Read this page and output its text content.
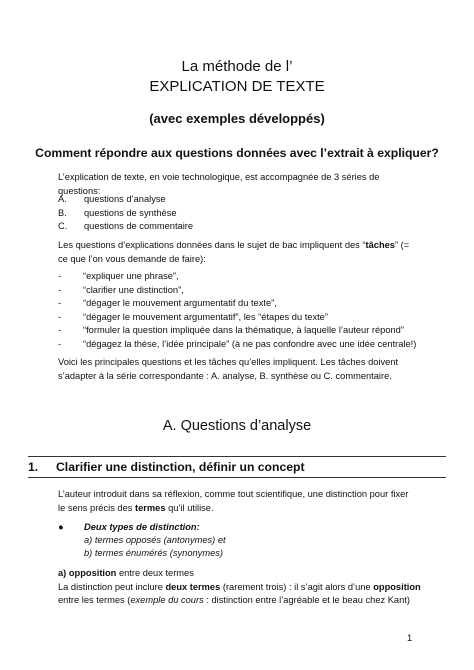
La méthode de l’
EXPLICATION DE TEXTE
(avec exemples développés)
Comment répondre aux questions données avec l’extrait à expliquer?
L’explication de texte, en voie technologique, est accompagnée de 3 séries de questions:
A.	questions d’analyse
B.	questions de synthèse
C.	questions de commentaire
Les questions d’explications données dans le sujet de bac impliquent des “tâches” (= ce que l’on vous demande de faire):
-	“expliquer une phrase”,
-	“clarifier une distinction”,
-	“dégager le mouvement argumentatif du texte”,
-	“dégager le mouvement argumentatif”, les “étapes du texte”
-	“formuler la question impliquée dans la thématique, à laquelle l’auteur répond”
-	“dégagez la thèse, l’idée principale” (à ne pas confondre avec une idée centrale!)
Voici les principales questions et les tâches qu’elles impliquent. Les tâches doivent s’adapter à la série correspondante : A. analyse, B. synthèse ou C. commentaire.
A. Questions d’analyse
1. Clarifier une distinction, définir un concept
L’auteur introduit dans sa réflexion, comme tout scientifique, une distinction pour fixer le sens précis des termes qu’il utilise.
● Deux types de distinction:
a) termes opposés (antonymes) et
b) termes énumérés (synonymes)
a) opposition entre deux termes
La distinction peut inclure deux termes (rarement trois) : il s’agit alors d’une opposition
entre les termes (exemple du cours : distinction entre l’agréable et le beau chez Kant)
1
